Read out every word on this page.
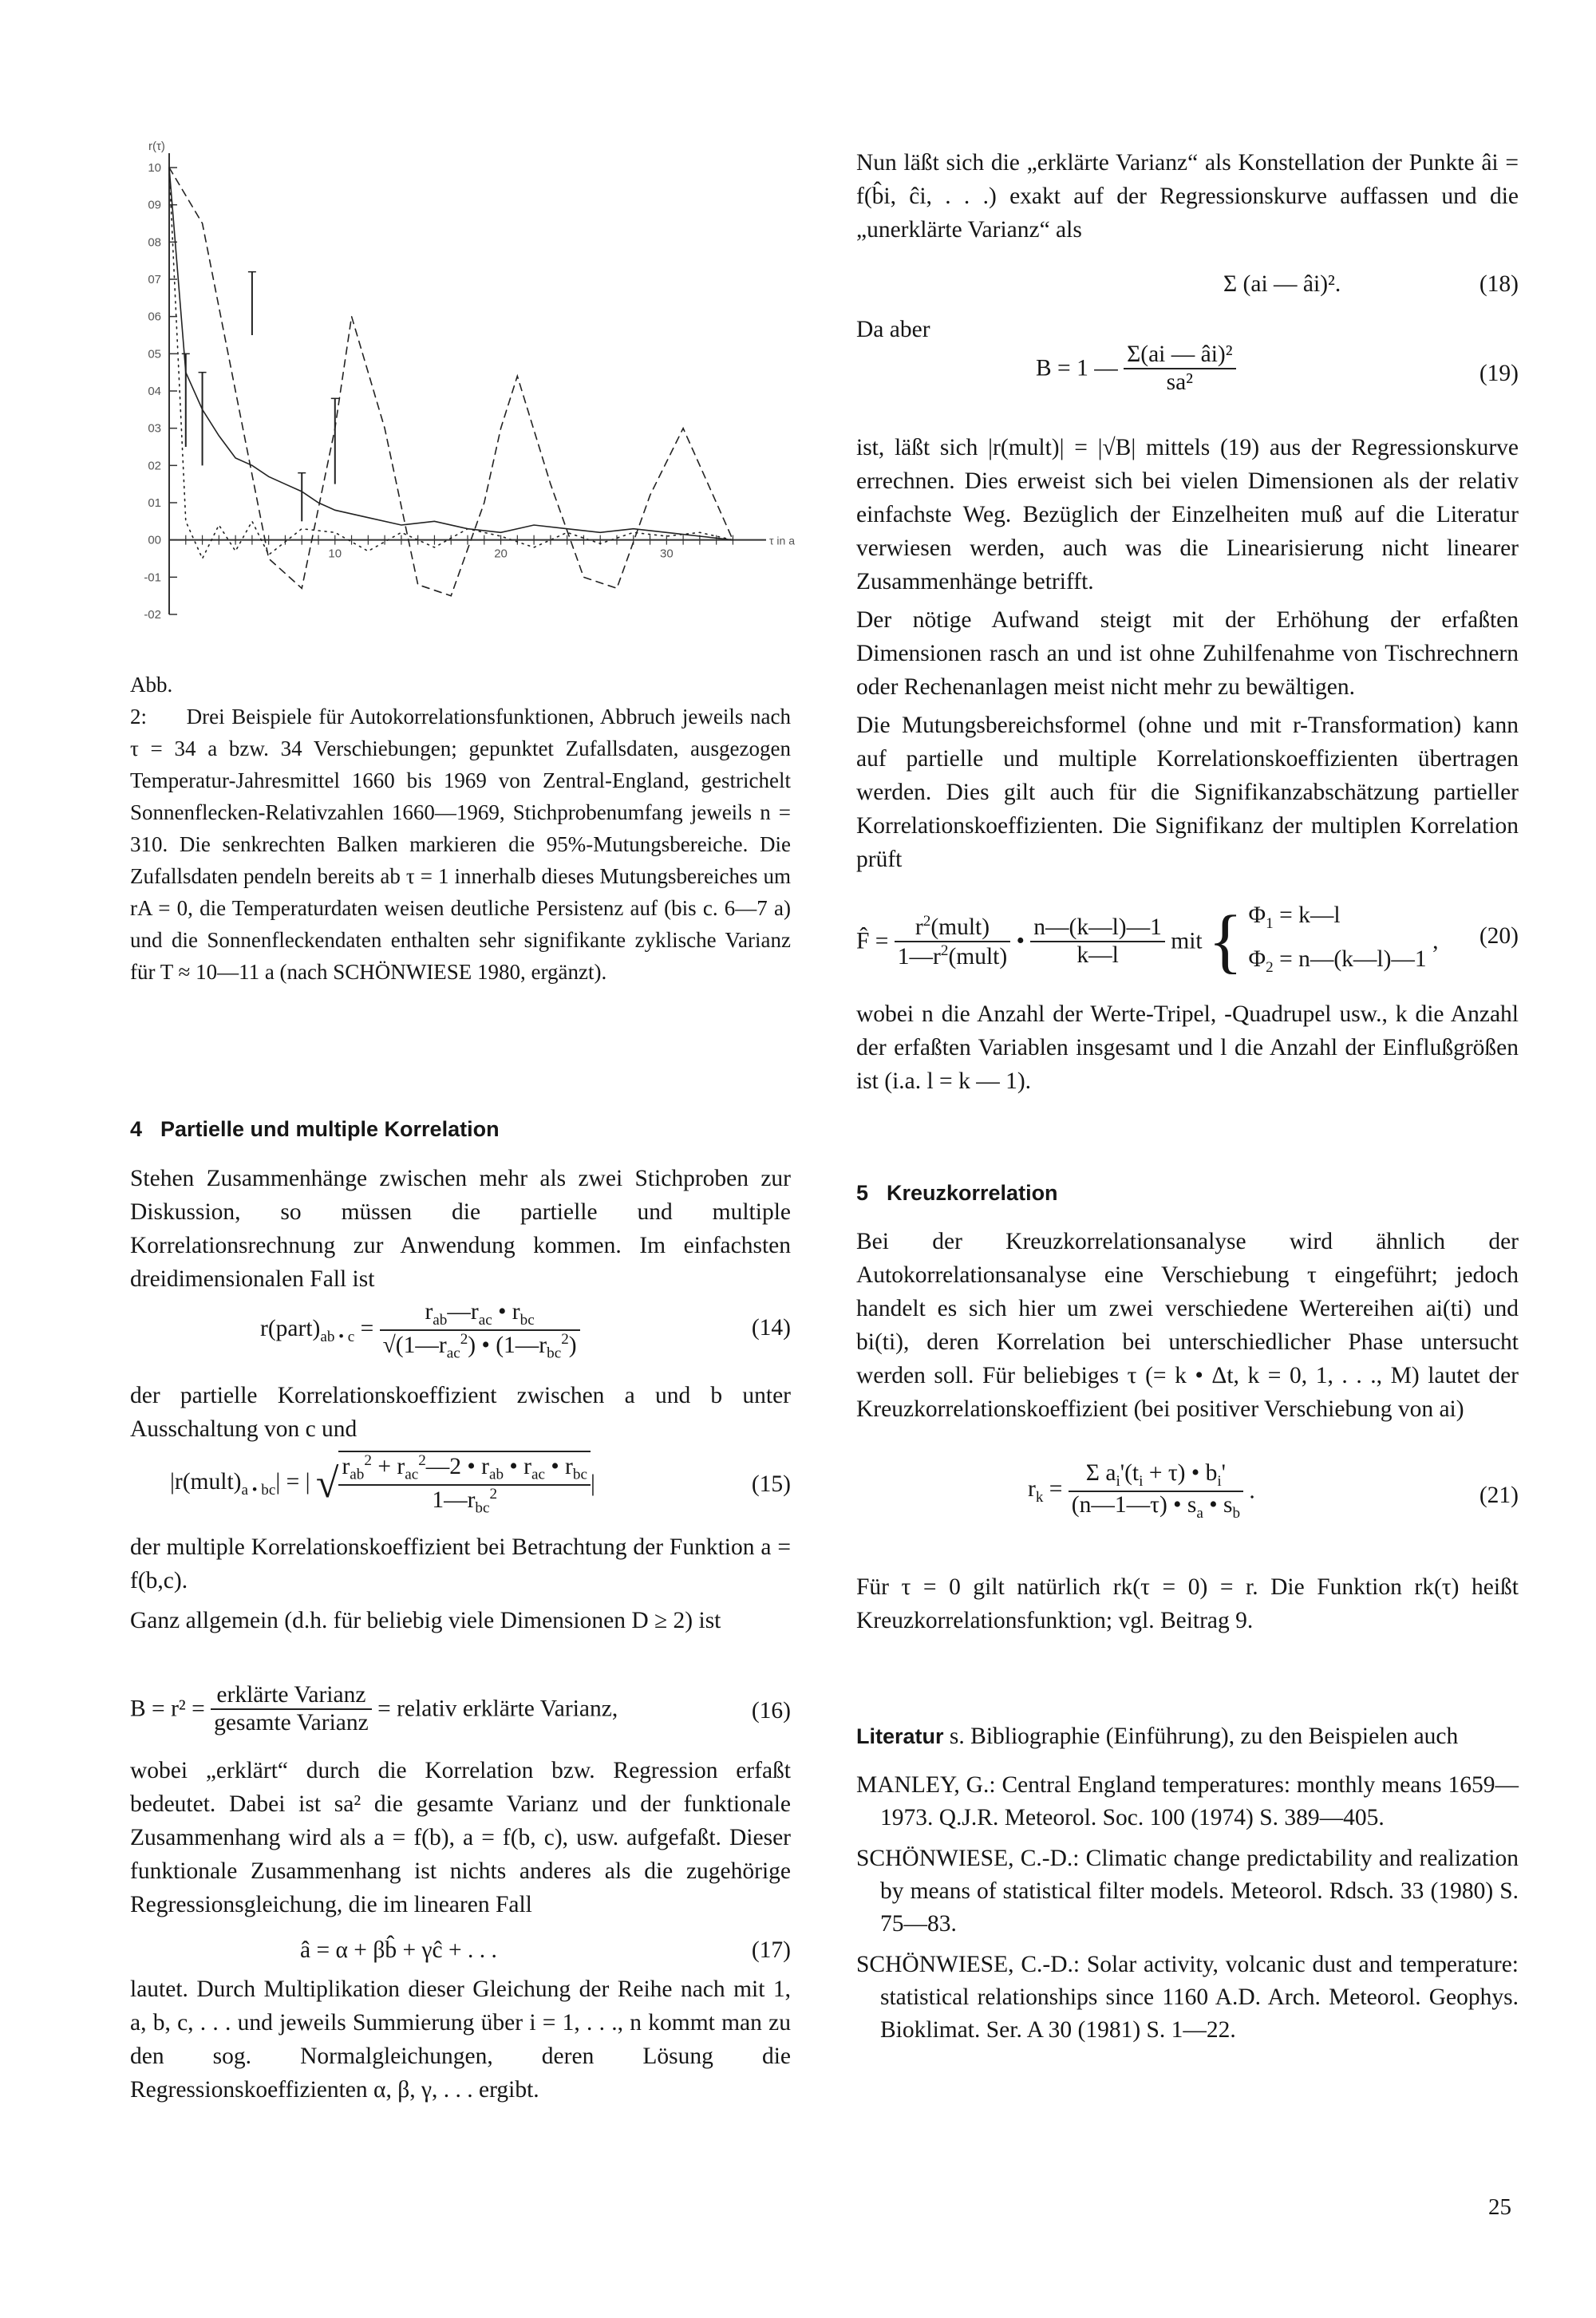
r(τ)
10
09
08
07
06
05
04
03
02
01
00
-01
-02
10	20	30
τ in a

Abb. 2: Drei Beispiele für Autokorrelationsfunktionen, Abbruch jeweils nach τ = 34 a bzw. 34 Verschiebungen; gepunktet Zufallsdaten, ausgezogen Temperatur-Jahresmittel 1660 bis 1969 von Zentral-England, gestrichelt Sonnenflecken-Relativzahlen 1660—1969, Stichprobenumfang jeweils n = 310. Die senkrechten Balken markieren die 95%-Mutungsbereiche. Die Zufallsdaten pendeln bereits ab τ = 1 innerhalb dieses Mutungsbereiches um rA = 0, die Temperaturdaten weisen deutliche Persistenz auf (bis c. 6—7 a) und die Sonnenfleckendaten enthalten sehr signifikante zyklische Varianz für T ≈ 10—11 a (nach SCHÖNWIESE 1980, ergänzt).

4 Partielle und multiple Korrelation

Stehen Zusammenhänge zwischen mehr als zwei Stichproben zur Diskussion, so müssen die partielle und multiple Korrelationsrechnung zur Anwendung kommen. Im einfachsten dreidimensionalen Fall ist

$r(part)_{ab • c} = \frac{r_{ab}—r_{ac} • r_{bc}}{√(1—r_{ac}^2) • (1—r_{bc}^2)}$	(14)

der partielle Korrelationskoeffizient zwischen a und b unter Ausschaltung von c und

$|r(mult)_{a • bc}|$ = | √ $\frac{r_{ab}^2 + r_{ac}^2—2 • r_{ab} • r_{ac} • r_{bc}}{1—r_{bc}^2}$ |	(15)

der multiple Korrelationskoeffizient bei Betrachtung der Funktion a = f(b,c).

Ganz allgemein (d.h. für beliebig viele Dimensionen D ≥ 2) ist

$B = r^2 = \frac{\text{erklärte Varianz}}{\text{gesamte Varianz}}$ = relativ erklärte Varianz,	(16)

wobei „erklärt“ durch die Korrelation bzw. Regression erfaßt bedeutet. Dabei ist sa² die gesamte Varianz und der funktionale Zusammenhang wird als a = f(b), a = f(b, c), usw. aufgefaßt. Dieser funktionale Zusammenhang ist nichts anderes als die zugehörige Regressionsgleichung, die im linearen Fall

â = α + βb̂ + γĉ + . . .	(17)

lautet. Durch Multiplikation dieser Gleichung der Reihe nach mit 1, a, b, c, . . . und jeweils Summierung über i = 1, . . ., n kommt man zu den sog. Normalgleichungen, deren Lösung die Regressionskoeffizienten α, β, γ, . . . ergibt.

Nun läßt sich die „erklärte Varianz“ als Konstellation der Punkte âi = f(b̂i, ĉi, . . .) exakt auf der Regressionskurve auffassen und die „unerklärte Varianz“ als

Σ (ai — âi)².	(18)

Da aber

B = 1 — $\frac{\text{Σ(ai — âi)²}}{\text{sa²}}$	(19)

ist, läßt sich |r(mult)| = |√B| mittels (19) aus der Regressionskurve errechnen. Dies erweist sich bei vielen Dimensionen als der relativ einfachste Weg. Bezüglich der Einzelheiten muß auf die Literatur verwiesen werden, auch was die Linearisierung nicht linearer Zusammenhänge betrifft.

Der nötige Aufwand steigt mit der Erhöhung der erfaßten Dimensionen rasch an und ist ohne Zuhilfenahme von Tischrechnern oder Rechenanlagen meist nicht mehr zu bewältigen.

Die Mutungsbereichsformel (ohne und mit r-Transformation) kann auf partielle und multiple Korrelationskoeffizienten übertragen werden. Dies gilt auch für die Signifikanzabschätzung partieller Korrelationskoeffizienten. Die Signifikanz der multiplen Korrelation prüft

F̂ = $\frac{r^2(mult)}{1—r^2(mult)}$ • $\frac{n—(k—l)—1}{k—l}$ mit { $\Phi_1$ = k—l
$\Phi_2$ = n—(k—l)—1 , (20)

wobei n die Anzahl der Werte-Tripel, -Quadrupel usw., k die Anzahl der erfaßten Variablen insgesamt und l die Anzahl der Einflußgrößen ist (i.a. l = k — 1).

5 Kreuzkorrelation

Bei der Kreuzkorrelationsanalyse wird ähnlich der Autokorrelationsanalyse eine Verschiebung τ eingeführt; jedoch handelt es sich hier um zwei verschiedene Wertereihen ai(ti) und bi(ti), deren Korrelation bei unterschiedlicher Phase untersucht werden soll. Für beliebiges τ (= k • Δt, k = 0, 1, . . ., M) lautet der Kreuzkorrelationskoeffizient (bei positiver Verschiebung von ai)

$r_k = \frac{\Sigma a_i'(t_i + \tau) • b_i'}{(n—1—\tau) • s_a • s_b}$ .	(21)

Für τ = 0 gilt natürlich rk(τ = 0) = r. Die Funktion rk(τ) heißt Kreuzkorrelationsfunktion; vgl. Beitrag 9.

Literatur s. Bibliographie (Einführung), zu den Beispielen auch

MANLEY, G.: Central England temperatures: monthly means 1659—1973. Q.J.R. Meteorol. Soc. 100 (1974) S. 389—405.

SCHÖNWIESE, C.-D.: Climatic change predictability and realization by means of statistical filter models. Meteorol. Rdsch. 33 (1980) S. 75—83.

SCHÖNWIESE, C.-D.: Solar activity, volcanic dust and temperature: statistical relationships since 1160 A.D. Arch. Meteorol. Geophys. Bioklimat. Ser. A 30 (1981) S. 1—22.

25
